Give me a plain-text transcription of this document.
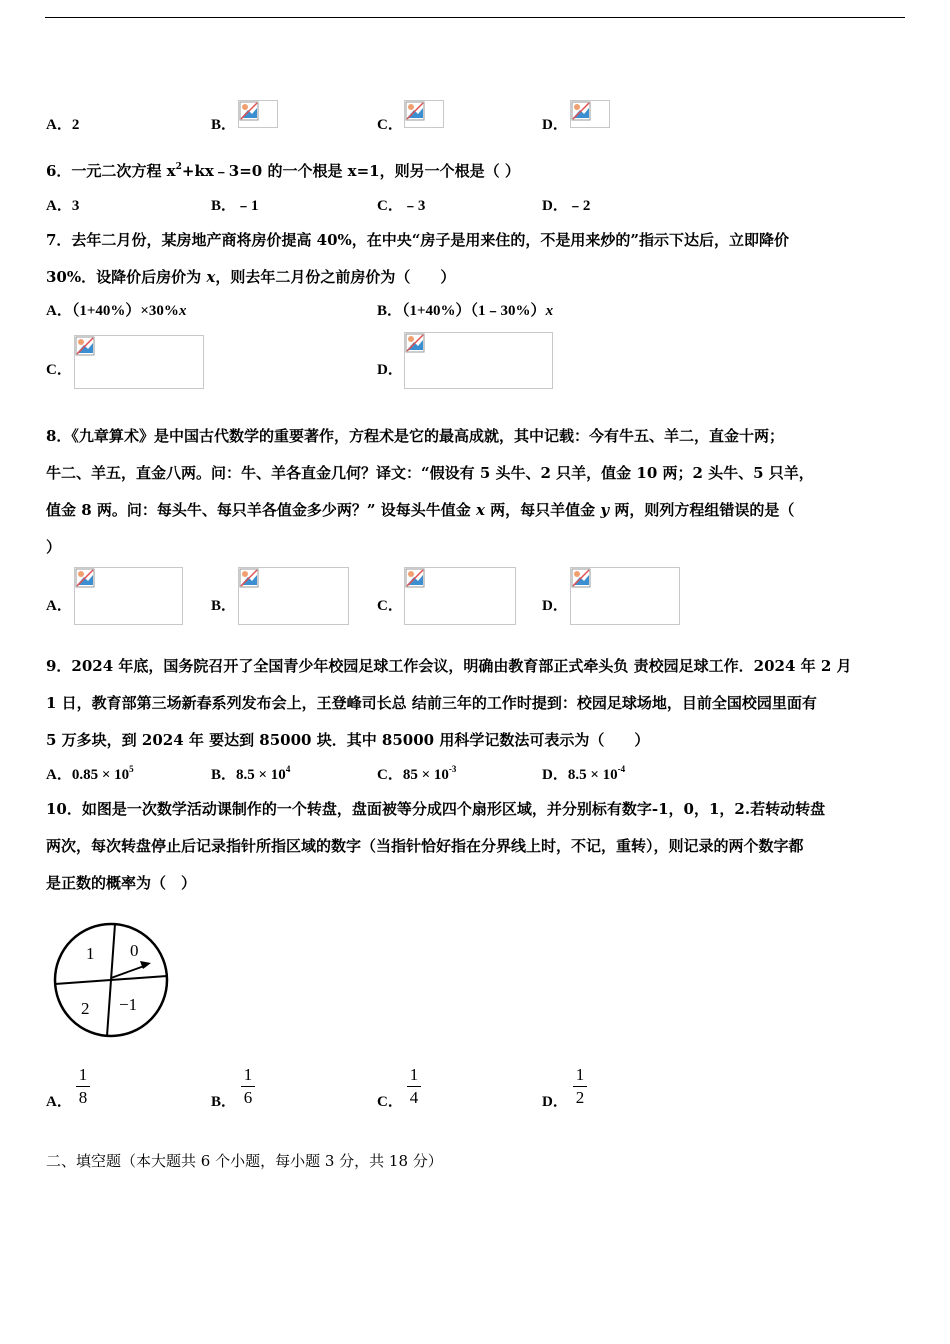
A．2	B．	C．	D．
6．一元二次方程 $x^2+kx﹣3=0$ 的一个根是 x=1，则另一个根是（ ）
A．3	B．﹣1	C．﹣3	D．﹣2
7．去年二月份，某房地产商将房价提高 40%，在中央“房子是用来住的，不是用来炒的”指示下达后，立即降价
30%．设降价后房价为 x，则去年二月份之前房价为（　　）
A．（1+40%）×30%x	B．（1+40%）（1﹣30%）x
C．	D．
8．《九章算术》是中国古代数学的重要著作，方程术是它的最高成就，其中记载：今有牛五、羊二，直金十两；
牛二、羊五，直金八两。问：牛、羊各直金几何？译文：“假设有 5 头牛、2 只羊，值金 10 两；2 头牛、5 只羊，
值金 8 两。问：每头牛、每只羊各值金多少两？” 设每头牛值金 x 两，每只羊值金 y 两，则列方程组错误的是（
）
A．	B．	C．	D．
9．2024 年底，国务院召开了全国青少年校园足球工作会议，明确由教育部正式牵头负 责校园足球工作．2024 年 2 月
1 日，教育部第三场新春系列发布会上，王登峰司长总 结前三年的工作时提到：校园足球场地，目前全国校园里面有
5 万多块，到 2024 年 要达到 85000 块．其中 85000 用科学记数法可表示为（　　）
A．$0.85 \times 10^5$	B．$8.5 \times 10^4$	C．$85 \times 10^{-3}$	D．$8.5 \times 10^{-4}$
10．如图是一次数学活动课制作的一个转盘，盘面被等分成四个扇形区域，并分别标有数字-1，0，1，2.若转动转盘
两次，每次转盘停止后记录指针所指区域的数字（当指针恰好指在分界线上时，不记，重转），则记录的两个数字都
是正数的概率为（　）
1 0
2 −1
A．
1
8	B．
1
6	C．
1
4	D．
1
2
二、填空题（本大题共 6 个小题，每小题 3 分，共 18 分）
